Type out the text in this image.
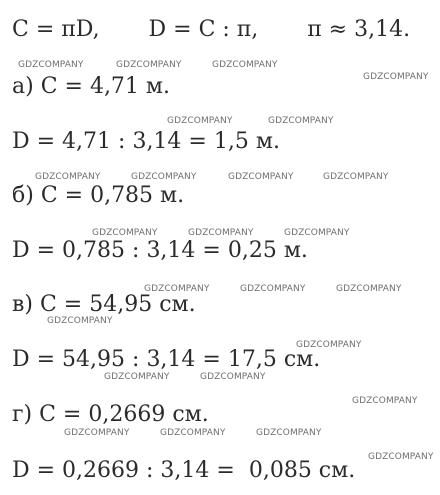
C = πD,       D = C : π,       π ≈ 3,14.
а) C = 4,71 м.
D = 4,71 : 3,14 = 1,5 м.
б) C = 0,785 м.
D = 0,785 : 3,14 = 0,25 м.
в) C = 54,95 см.
D = 54,95 : 3,14 = 17,5 см.
г) C = 0,2669 см.
D = 0,2669 : 3,14 =  0,085 см.
GDZCOMPANY	GDZCOMPANY	GDZCOMPANY
GDZCOMPANY
GDZCOMPANY	GDZCOMPANY
GDZCOMPANY	GDZCOMPANY	GDZCOMPANY	GDZCOMPANY
GDZCOMPANY	GDZCOMPANY	GDZCOMPANY
GDZCOMPANY	GDZCOMPANY	GDZCOMPANY
GDZCOMPANY
GDZCOMPANY
GDZCOMPANY	GDZCOMPANY
GDZCOMPANY
GDZCOMPANY	GDZCOMPANY	GDZCOMPANY
GDZCOMPANY
